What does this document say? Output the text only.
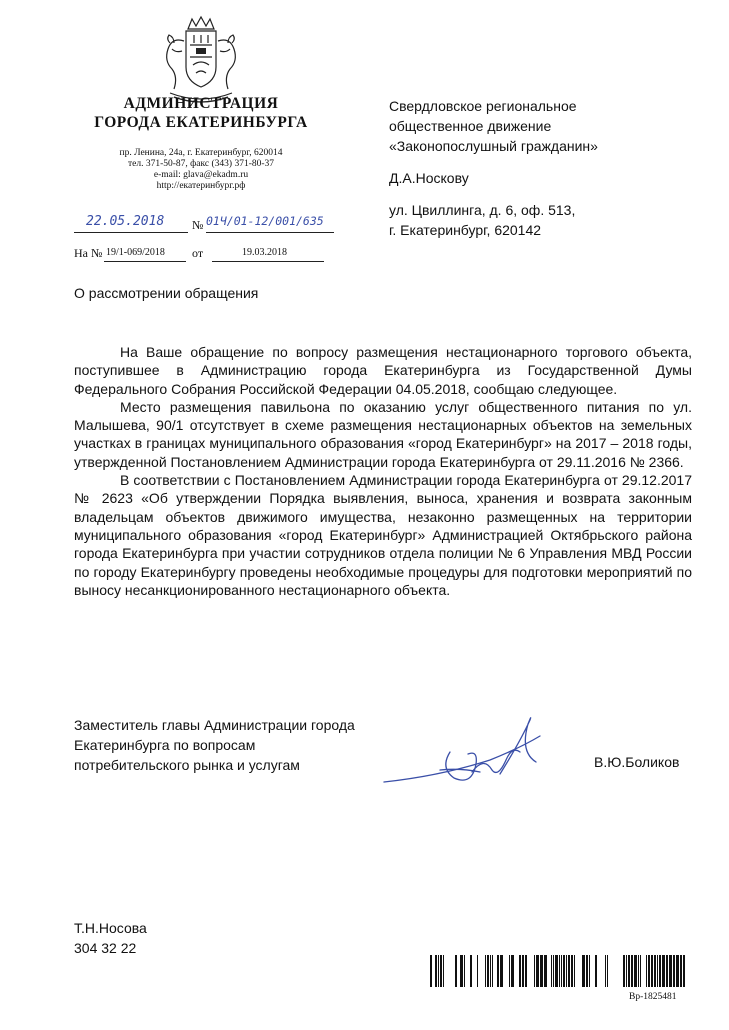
АДМИНИСТРАЦИЯ
ГОРОДА ЕКАТЕРИНБУРГА
пр. Ленина, 24а, г. Екатеринбург, 620014
тел. 371-50-87, факс (343) 371-80-37
e-mail: glava@ekadm.ru
http://екатеринбург.рф
22.05.2018 № 01Ч/01-12/001/635
На № 19/1-069/2018 от	19.03.2018
Свердловское региональное
общественное движение
«Законопослушный гражданин»
Д.А.Носкову
ул. Цвиллинга, д. 6, оф. 513,
г. Екатеринбург, 620142
О рассмотрении обращения

На Ваше обращение по вопросу размещения нестационарного торгового объекта, поступившее в Администрацию города Екатеринбурга из Государственной Думы Федерального Собрания Российской Федерации 04.05.2018, сообщаю следующее.

Место размещения павильона по оказанию услуг общественного питания по ул. Малышева, 90/1 отсутствует в схеме размещения нестационарных объектов на земельных участках в границах муниципального образования «город Екатеринбург» на 2017 – 2018 годы, утвержденной Постановлением Администрации города Екатеринбурга от 29.11.2016 № 2366.

В соответствии с Постановлением Администрации города Екатеринбурга от 29.12.2017 № 2623 «Об утверждении Порядка выявления, выноса, хранения и возврата законным владельцам объектов движимого имущества, незаконно размещенных на территории муниципального образования «город Екатеринбург» Администрацией Октябрьского района города Екатеринбурга при участии сотрудников отдела полиции № 6 Управления МВД России по городу Екатеринбургу проведены необходимые процедуры для подготовки мероприятий по выносу несанкционированного нестационарного объекта.

Заместитель главы Администрации города
Екатеринбурга по вопросам
потребительского рынка и услугам	В.Ю.Боликов
Т.Н.Носова
304 32 22
Вр-1825481
